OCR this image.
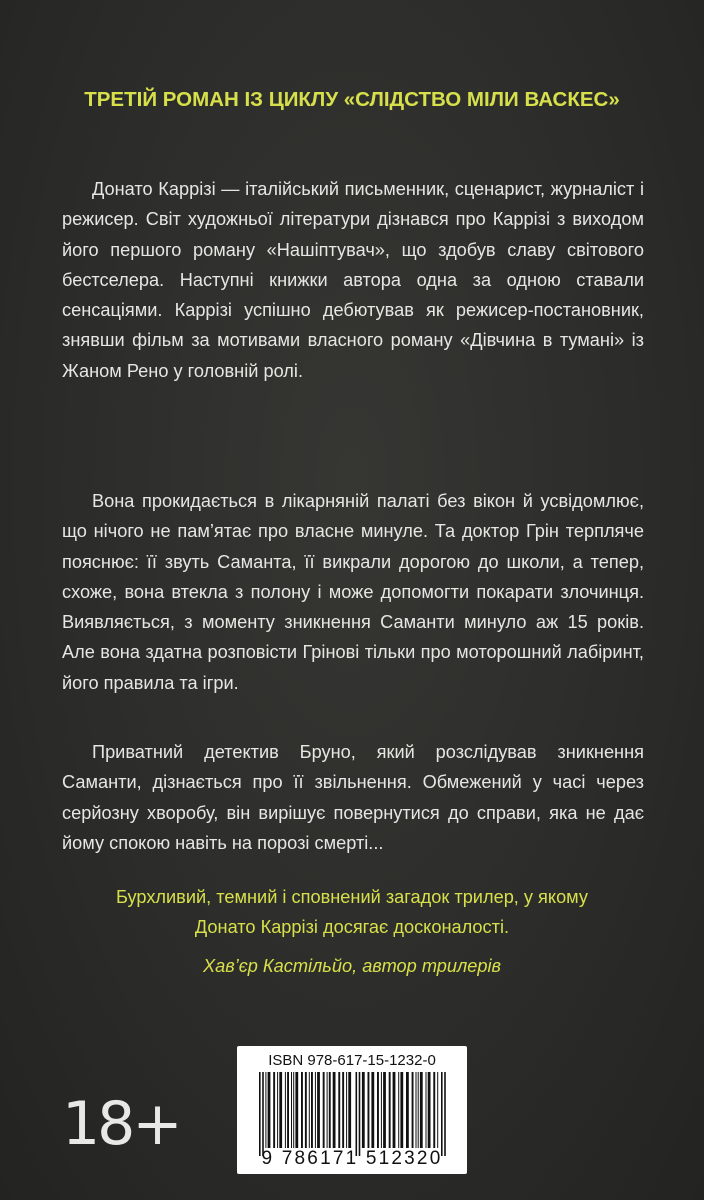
ТРЕТІЙ РОМАН ІЗ ЦИКЛУ «СЛІДСТВО МІЛИ ВАСКЕС»

Донато Каррізі — італійський письменник, сценарист, журналіст і режисер. Світ художньої літератури дізнався про Каррізі з виходом його першого роману «Нашіптувач», що здобув славу світового бестселера. Наступні книжки автора одна за одною ставали сенсаціями. Каррізі успішно дебютував як режисер-постановник, знявши фільм за мотивами власного роману «Дівчина в тумані» із Жаном Рено у головній ролі.

Вона прокидається в лікарняній палаті без вікон й усвідомлює, що нічого не пам’ятає про власне минуле. Та доктор Грін терпляче пояснює: її звуть Саманта, її викрали дорогою до школи, а тепер, схоже, вона втекла з полону і може допомогти покарати злочинця. Виявляється, з моменту зникнення Саманти минуло аж 15 років. Але вона здатна розповісти Грінові тільки про моторошний лабіринт, його правила та ігри.

Приватний детектив Бруно, який розслідував зникнення Саманти, дізнається про її звільнення. Обмежений у часі через серйозну хворобу, він вирішує повернутися до справи, яка не дає йому спокою навіть на порозі смерті...

Бурхливий, темний і сповнений загадок трилер, у якому
Донато Каррізі досягає досконалості.

Хав’єр Кастільйо, автор трилерів
18+
ISBN 978-617-15-1232-0
9 786171 512320
